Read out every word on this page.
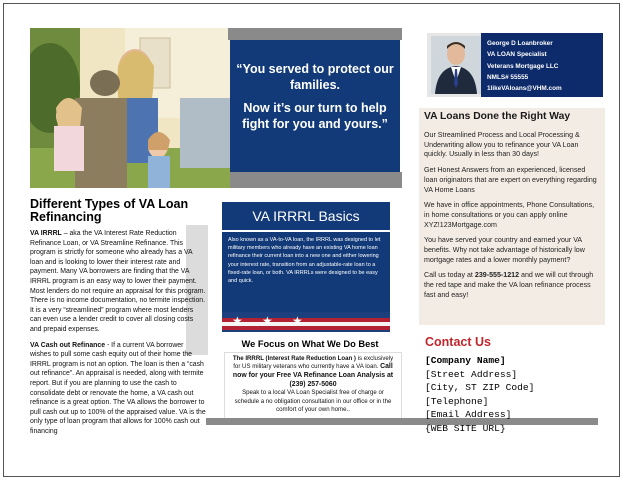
“You served to protect our families.
Now it’s our turn to help fight for you and yours.”
George D Loanbroker
VA LOAN Specialist
Veterans Mortgage LLC
NMLS# 55555
1likeVAloans@VHM.com
Different Types of VA Loan Refinancing

VA IRRRL – aka the VA Interest Rate Reduction Refinance Loan, or VA Streamline Refinance. This program is strictly for someone who already has a VA loan and is looking to lower their interest rate and payment. Many VA borrowers are finding that the VA IRRRL program is an easy way to lower their payment. Most lenders do not require an appraisal for this program. There is no income documentation, no termite inspection. It is a very “streamlined” program where most lenders can even use a lender credit to cover all closing costs and prepaid expenses.

VA Cash out Refinance - If a current VA borrower wishes to pull some cash equity out of their home the IRRRL program is not an option. The loan is then a “cash out refinance”. An appraisal is needed, along with termite report. But if you are planning to use the cash to consolidate debt or renovate the home, a VA cash out refinance is a great option. The VA allows the borrower to pull cash out up to 100% of the appraised value. VA is the only type of loan program that allows for 100% cash out financing

VA IRRRL Basics
Also known as a VA-to-VA loan, the IRRRL was designed to let military members who already have an existing VA home loan refinance their current loan into a new one and either lowering your interest rate, transition from an adjustable-rate loan to a fixed-rate loan, or both. VA IRRRLs were designed to be easy and quick.
★ ★ ★
We Focus on What We Do Best
The IRRRL (Interest Rate Reduction Loan ) is exclusively for US military veterans who currently have a VA loan. Call now for your Free VA Refinance Loan Analysis at (239) 257-5060
Speak to a local VA Loan Specialist free of charge or schedule a no obligation consultation in our office or in the comfort of your own home..
VA Loans Done the Right Way

Our Streamlined Process and Local Processing & Underwriting allow you to refinance your VA Loan quickly. Usually in less than 30 days!

Get Honest Answers from an experienced, licensed loan originators that are expert on everything regarding VA Home Loans

We have in office appointments, Phone Consultations, in home consultations or you can apply online XYZ!123Mortgage.com

You have served your country and earned your VA benefits. Why not take advantage of historically low mortgage rates and a lower monthly payment?

Call us today at 239-555-1212 and we will cut through the red tape and make the VA loan refinance process fast and easy!

Contact Us
[Company Name]
[Street Address]
[City, ST ZIP Code]
[Telephone]
[Email Address]
{WEB SITE URL}
